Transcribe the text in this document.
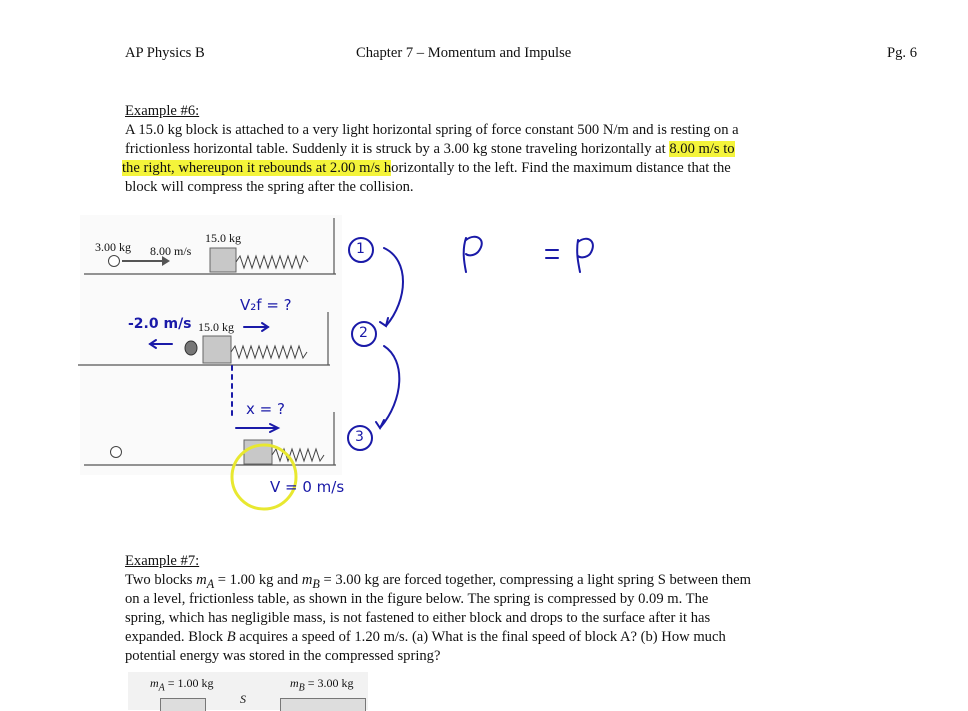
AP Physics B	Chapter 7 – Momentum and Impulse	Pg. 6
Example #6:
A 15.0 kg block is attached to a very light horizontal spring of force constant 500 N/m and is resting on a
frictionless horizontal table. Suddenly it is struck by a 3.00 kg stone traveling horizontally at 8.00 m/s to
the right, whereupon it rebounds at 2.00 m/s horizontally to the left. Find the maximum distance that the
block will compress the spring after the collision.
3.00 kg 8.00 m/s
15.0 kg
15.0 kg
1
2
3
-2.0 m/s
V₂f = ?
x = ?
V = 0 m/s
Example #7:
Two blocks $m_A = 1.00$ kg and $m_B = 3.00$ kg are forced together, compressing a light spring S between them
on a level, frictionless table, as shown in the figure below. The spring is compressed by 0.09 m. The
spring, which has negligible mass, is not fastened to either block and drops to the surface after it has
expanded. Block B acquires a speed of 1.20 m/s. (a) What is the final speed of block A? (b) How much
potential energy was stored in the compressed spring?
$m_A = 1.00$ kg	$m_B = 3.00$ kg
S
